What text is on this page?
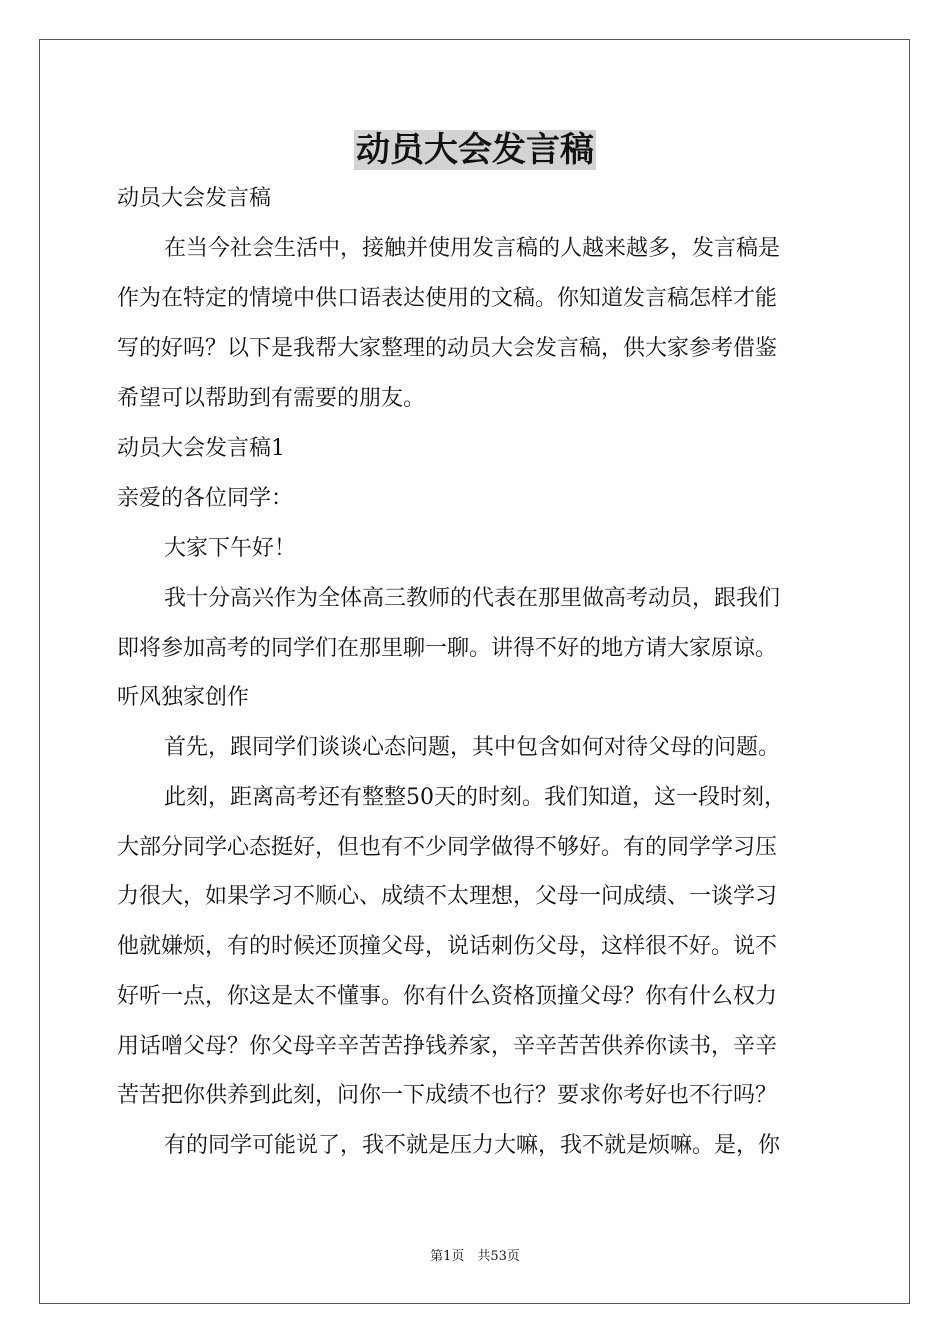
动员大会发言稿

动员大会发言稿

在当今社会生活中，接触并使用发言稿的人越来越多，发言稿是

作为在特定的情境中供口语表达使用的文稿。你知道发言稿怎样才能

写的好吗？以下是我帮大家整理的动员大会发言稿，供大家参考借鉴

希望可以帮助到有需要的朋友。

动员大会发言稿1

亲爱的各位同学：

大家下午好！

我十分高兴作为全体高三教师的代表在那里做高考动员，跟我们

即将参加高考的同学们在那里聊一聊。讲得不好的地方请大家原谅。

听风独家创作

首先，跟同学们谈谈心态问题，其中包含如何对待父母的问题。

此刻，距离高考还有整整50天的时刻。我们知道，这一段时刻，

大部分同学心态挺好，但也有不少同学做得不够好。有的同学学习压

力很大，如果学习不顺心、成绩不太理想，父母一问成绩、一谈学习

他就嫌烦，有的时候还顶撞父母，说话刺伤父母，这样很不好。说不

好听一点，你这是太不懂事。你有什么资格顶撞父母？你有什么权力

用话噌父母？你父母辛辛苦苦挣钱养家，辛辛苦苦供养你读书，辛辛

苦苦把你供养到此刻，问你一下成绩不也行？要求你考好也不行吗？

有的同学可能说了，我不就是压力大嘛，我不就是烦嘛。是，你

第1页　共53页
